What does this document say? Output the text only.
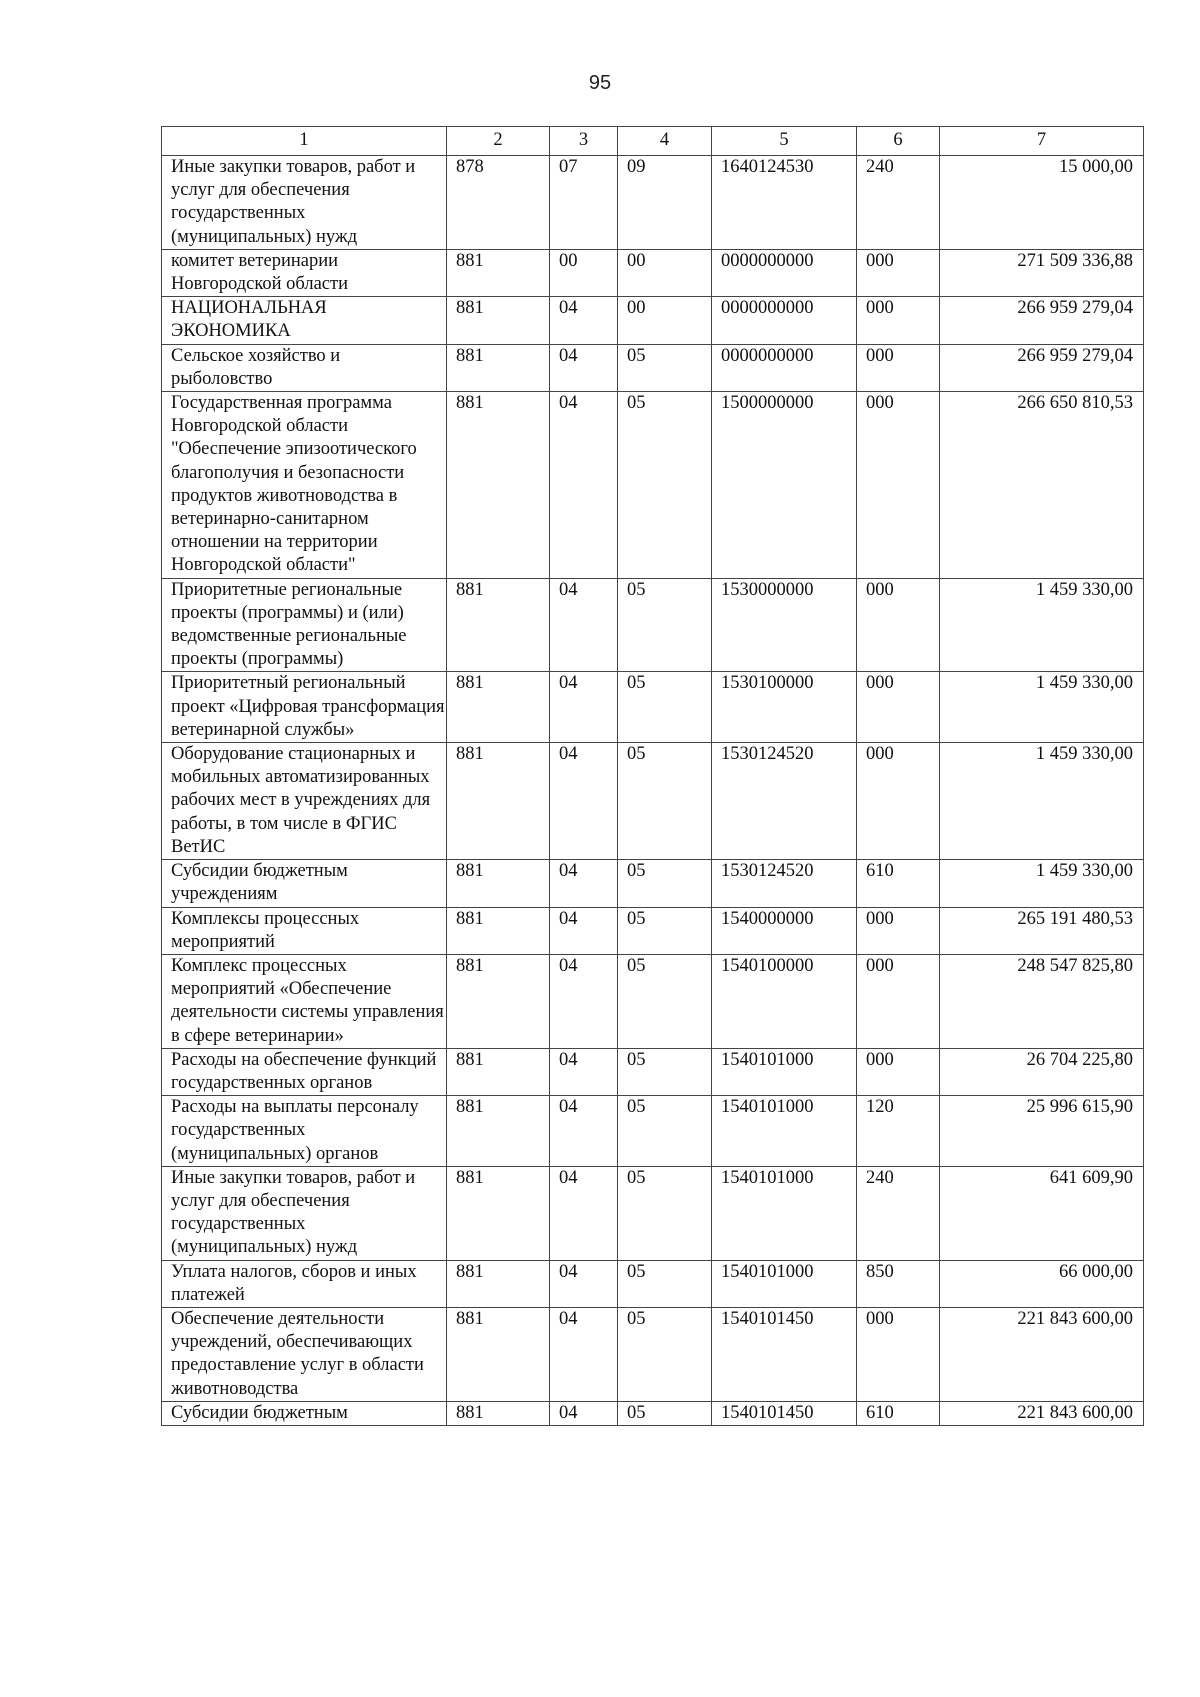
95
1	2	3	4	5	6	7
Иные закупки товаров, работ и услуг для обеспечения государственных (муниципальных) нужд	878	07	09	1640124530	240	15 000,00
комитет ветеринарии Новгородской области	881	00	00	0000000000	000	271 509 336,88
НАЦИОНАЛЬНАЯ ЭКОНОМИКА	881	04	00	0000000000	000	266 959 279,04
Сельское хозяйство и рыболовство	881	04	05	0000000000	000	266 959 279,04
Государственная программа Новгородской области "Обеспечение эпизоотического благополучия и безопасности продуктов животноводства в ветеринарно-санитарном отношении на территории Новгородской области"	881	04	05	1500000000	000	266 650 810,53
Приоритетные региональные проекты (программы) и (или) ведомственные региональные проекты (программы)	881	04	05	1530000000	000	1 459 330,00
Приоритетный региональный проект «Цифровая трансформация ветеринарной службы»	881	04	05	1530100000	000	1 459 330,00
Оборудование стационарных и мобильных автоматизированных рабочих мест в учреждениях для работы, в том числе в ФГИС ВетИС	881	04	05	1530124520	000	1 459 330,00
Субсидии бюджетным учреждениям	881	04	05	1530124520	610	1 459 330,00
Комплексы процессных мероприятий	881	04	05	1540000000	000	265 191 480,53
Комплекс процессных мероприятий «Обеспечение деятельности системы управления в сфере ветеринарии»	881	04	05	1540100000	000	248 547 825,80
Расходы на обеспечение функций государственных органов	881	04	05	1540101000	000	26 704 225,80
Расходы на выплаты персоналу государственных (муниципальных) органов	881	04	05	1540101000	120	25 996 615,90
Иные закупки товаров, работ и услуг для обеспечения государственных (муниципальных) нужд	881	04	05	1540101000	240	641 609,90
Уплата налогов, сборов и иных платежей	881	04	05	1540101000	850	66 000,00
Обеспечение деятельности учреждений, обеспечивающих предоставление услуг в области животноводства	881	04	05	1540101450	000	221 843 600,00
Субсидии бюджетным	881	04	05	1540101450	610	221 843 600,00
